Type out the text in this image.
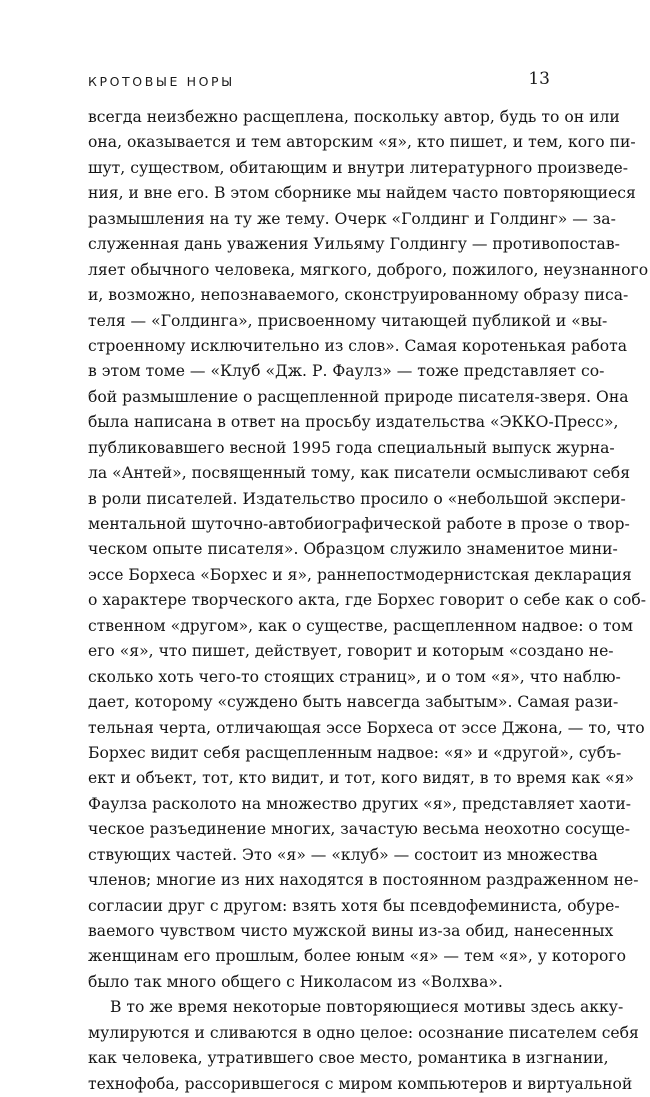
КРОТОВЫЕ НОРЫ	13
всегда неизбежно расщеплена, поскольку автор, будь то он или
она, оказывается и тем авторским «я», кто пишет, и тем, кого пи-
шут, существом, обитающим и внутри литературного произведе-
ния, и вне его. В этом сборнике мы найдем часто повторяющиеся
размышления на ту же тему. Очерк «Голдинг и Голдинг» — за-
служенная дань уважения Уильяму Голдингу — противопостав-
ляет обычного человека, мягкого, доброго, пожилого, неузнанного
и, возможно, непознаваемого, сконструированному образу писа-
теля — «Голдинга», присвоенному читающей публикой и «вы-
строенному исключительно из слов». Самая коротенькая работа
в этом томе — «Клуб «Дж. Р. Фаулз» — тоже представляет со-
бой размышление о расщепленной природе писателя-зверя. Она
была написана в ответ на просьбу издательства «ЭККО-Пресс»,
публиковавшего весной 1995 года специальный выпуск журна-
ла «Антей», посвященный тому, как писатели осмысливают себя
в роли писателей. Издательство просило о «небольшой экспери-
ментальной шуточно-автобиографической работе в прозе о твор-
ческом опыте писателя». Образцом служило знаменитое мини-
эссе Борхеса «Борхес и я», раннепостмодернистская декларация
о характере творческого акта, где Борхес говорит о себе как о соб-
ственном «другом», как о существе, расщепленном надвое: о том
его «я», что пишет, действует, говорит и которым «создано не-
сколько хоть чего-то стоящих страниц», и о том «я», что наблю-
дает, которому «суждено быть навсегда забытым». Самая рази-
тельная черта, отличающая эссе Борхеса от эссе Джона, — то, что
Борхес видит себя расщепленным надвое: «я» и «другой», субъ-
ект и объект, тот, кто видит, и тот, кого видят, в то время как «я»
Фаулза расколото на множество других «я», представляет хаоти-
ческое разъединение многих, зачастую весьма неохотно сосуще-
ствующих частей. Это «я» — «клуб» — состоит из множества
членов; многие из них находятся в постоянном раздраженном не-
согласии друг с другом: взять хотя бы псевдофеминиста, обуре-
ваемого чувством чисто мужской вины из-за обид, нанесенных
женщинам его прошлым, более юным «я» — тем «я», у которого
было так много общего с Николасом из «Волхва».
В то же время некоторые повторяющиеся мотивы здесь акку-
мулируются и сливаются в одно целое: осознание писателем себя
как человека, утратившего свое место, романтика в изгнании,
технофоба, рассорившегося с миром компьютеров и виртуальной
